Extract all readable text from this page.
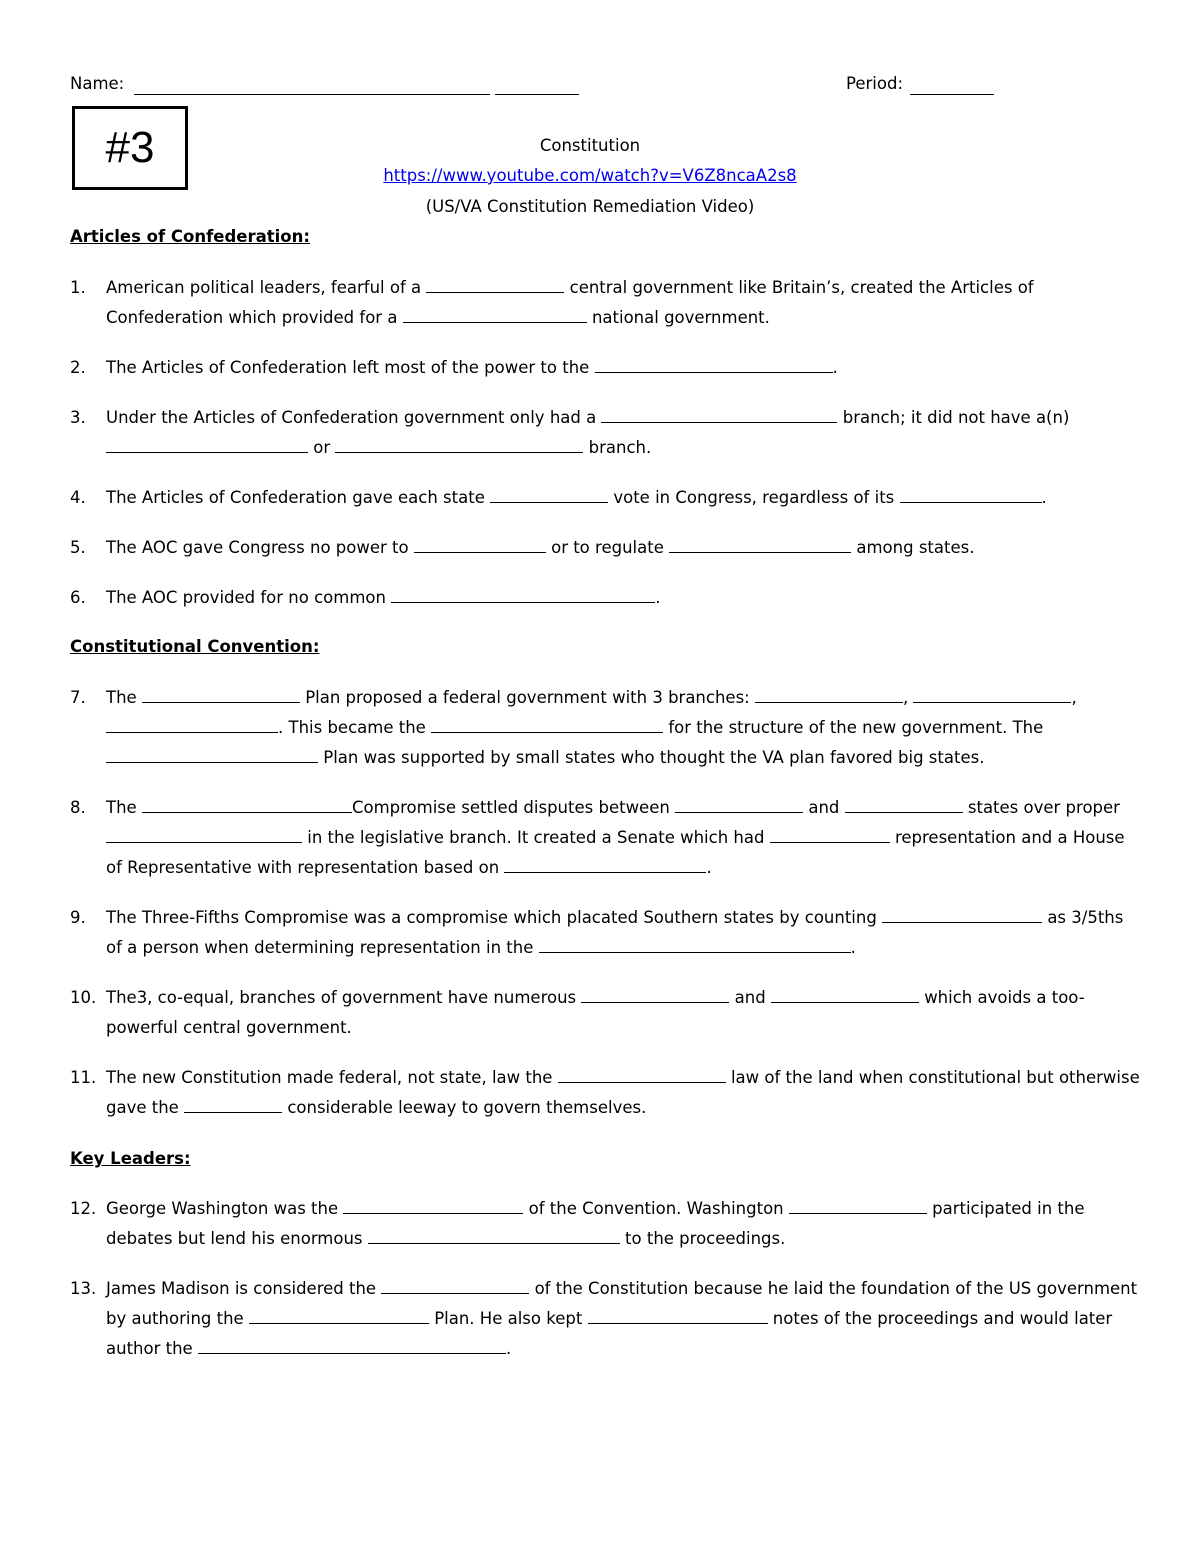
Name:	Period:
#3	Constitution
https://www.youtube.com/watch?v=V6Z8ncaA2s8
(US/VA Constitution Remediation Video)
Articles of Confederation:
1. American political leaders, fearful of a	central government like Britain’s, created the Articles of Confederation which provided for a	national government.
2. The Articles of Confederation left most of the power to the	.
3. Under the Articles of Confederation government only had a	branch; it did not have a(n) or	branch.
4. The Articles of Confederation gave each state	vote in Congress, regardless of its	.
5. The AOC gave Congress no power to	or to regulate	among states.
6. The AOC provided for no common	.
Constitutional Convention:
7. The	Plan proposed a federal government with 3 branches:	,	, . This became the	for the structure of the new government. The  Plan was supported by small states who thought the VA plan favored big states.
8. The	Compromise settled disputes between	and	states over proper  in the legislative branch. It created a Senate which had	representation and a House of Representative with representation based on	.
9. The Three-Fifths Compromise was a compromise which placated Southern states by counting	as 3/5ths of a person when determining representation in the	.
10. The3, co-equal, branches of government have numerous	and	which avoids a too-powerful central government.
11. The new Constitution made federal, not state, law the	law of the land when constitutional but otherwise gave the	considerable leeway to govern themselves.
Key Leaders:
12. George Washington was the	of the Convention. Washington	participated in the debates but lend his enormous	to the proceedings.
13. James Madison is considered the	of the Constitution because he laid the foundation of the US government by authoring the	Plan. He also kept	notes of the proceedings and would later author the	.
